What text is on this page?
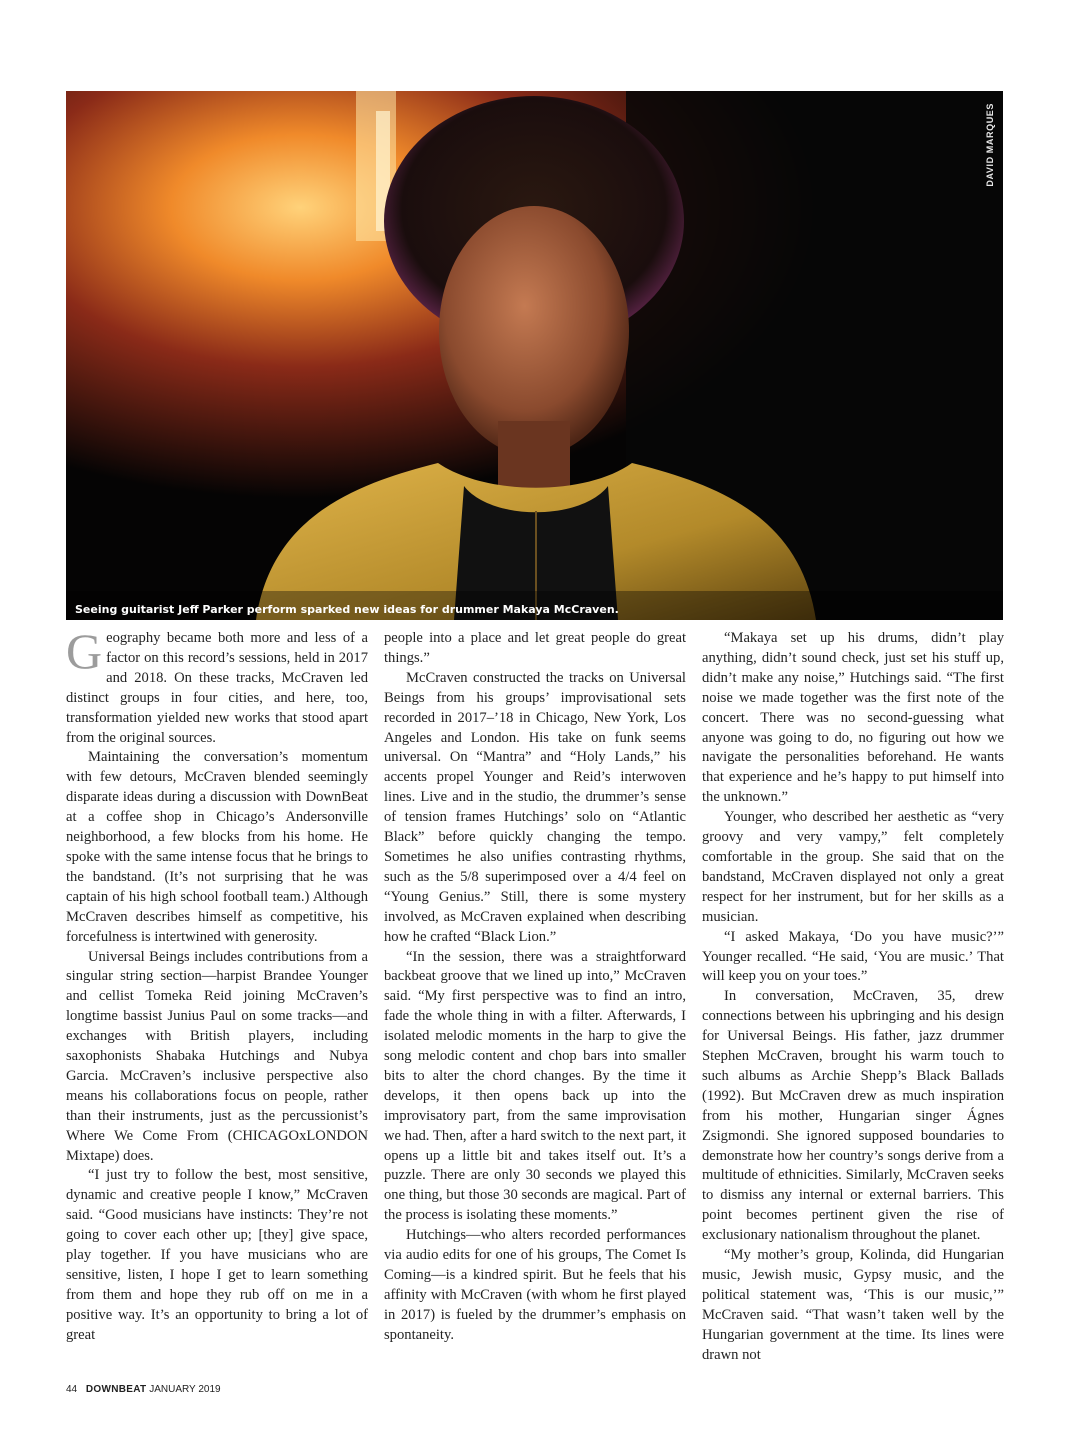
DAVID MARQUES
Seeing guitarist Jeff Parker perform sparked new ideas for drummer Makaya McCraven.

Geography became both more and less of a factor on this record’s sessions, held in 2017 and 2018. On these tracks, McCraven led distinct groups in four cities, and here, too, transformation yielded new works that stood apart from the original sources.

Maintaining the conversation’s momentum with few detours, McCraven blended seemingly disparate ideas during a discussion with DownBeat at a coffee shop in Chicago’s Andersonville neighborhood, a few blocks from his home. He spoke with the same intense focus that he brings to the bandstand. (It’s not surprising that he was captain of his high school football team.) Although McCraven describes himself as competitive, his forcefulness is intertwined with generosity.

Universal Beings includes contributions from a singular string section—harpist Brandee Younger and cellist Tomeka Reid joining McCraven’s longtime bassist Junius Paul on some tracks—and exchanges with British players, including saxophonists Shabaka Hutchings and Nubya Garcia. McCraven’s inclusive perspective also means his collaborations focus on people, rather than their instruments, just as the percussionist’s Where We Come From (CHICAGOxLONDON Mixtape) does.

“I just try to follow the best, most sensitive, dynamic and creative people I know,” McCraven said. “Good musicians have instincts: They’re not going to cover each other up; [they] give space, play together. If you have musicians who are sensitive, listen, I hope I get to learn something from them and hope they rub off on me in a positive way. It’s an opportunity to bring a lot of great

people into a place and let great people do great things.”

McCraven constructed the tracks on Universal Beings from his groups’ improvisational sets recorded in 2017–’18 in Chicago, New York, Los Angeles and London. His take on funk seems universal. On “Mantra” and “Holy Lands,” his accents propel Younger and Reid’s interwoven lines. Live and in the studio, the drummer’s sense of tension frames Hutchings’ solo on “Atlantic Black” before quickly changing the tempo. Sometimes he also unifies contrasting rhythms, such as the 5/8 superimposed over a 4/4 feel on “Young Genius.” Still, there is some mystery involved, as McCraven explained when describing how he crafted “Black Lion.”

“In the session, there was a straightforward backbeat groove that we lined up into,” McCraven said. “My first perspective was to find an intro, fade the whole thing in with a filter. Afterwards, I isolated melodic moments in the harp to give the song melodic content and chop bars into smaller bits to alter the chord changes. By the time it develops, it then opens back up into the improvisatory part, from the same improvisation we had. Then, after a hard switch to the next part, it opens up a little bit and takes itself out. It’s a puzzle. There are only 30 seconds we played this one thing, but those 30 seconds are magical. Part of the process is isolating these moments.”

Hutchings—who alters recorded performances via audio edits for one of his groups, The Comet Is Coming—is a kindred spirit. But he feels that his affinity with McCraven (with whom he first played in 2017) is fueled by the drummer’s emphasis on spontaneity.

“Makaya set up his drums, didn’t play anything, didn’t sound check, just set his stuff up, didn’t make any noise,” Hutchings said. “The first noise we made together was the first note of the concert. There was no second-guessing what anyone was going to do, no figuring out how we navigate the personalities beforehand. He wants that experience and he’s happy to put himself into the unknown.”

Younger, who described her aesthetic as “very groovy and very vampy,” felt completely comfortable in the group. She said that on the bandstand, McCraven displayed not only a great respect for her instrument, but for her skills as a musician.

“I asked Makaya, ‘Do you have music?’” Younger recalled. “He said, ‘You are music.’ That will keep you on your toes.”

In conversation, McCraven, 35, drew connections between his upbringing and his design for Universal Beings. His father, jazz drummer Stephen McCraven, brought his warm touch to such albums as Archie Shepp’s Black Ballads (1992). But McCraven drew as much inspiration from his mother, Hungarian singer Ágnes Zsigmondi. She ignored supposed boundaries to demonstrate how her country’s songs derive from a multitude of ethnicities. Similarly, McCraven seeks to dismiss any internal or external barriers. This point becomes pertinent given the rise of exclusionary nationalism throughout the planet.

“My mother’s group, Kolinda, did Hungarian music, Jewish music, Gypsy music, and the political statement was, ‘This is our music,’” McCraven said. “That wasn’t taken well by the Hungarian government at the time. Its lines were drawn not

44 DOWNBEAT JANUARY 2019
